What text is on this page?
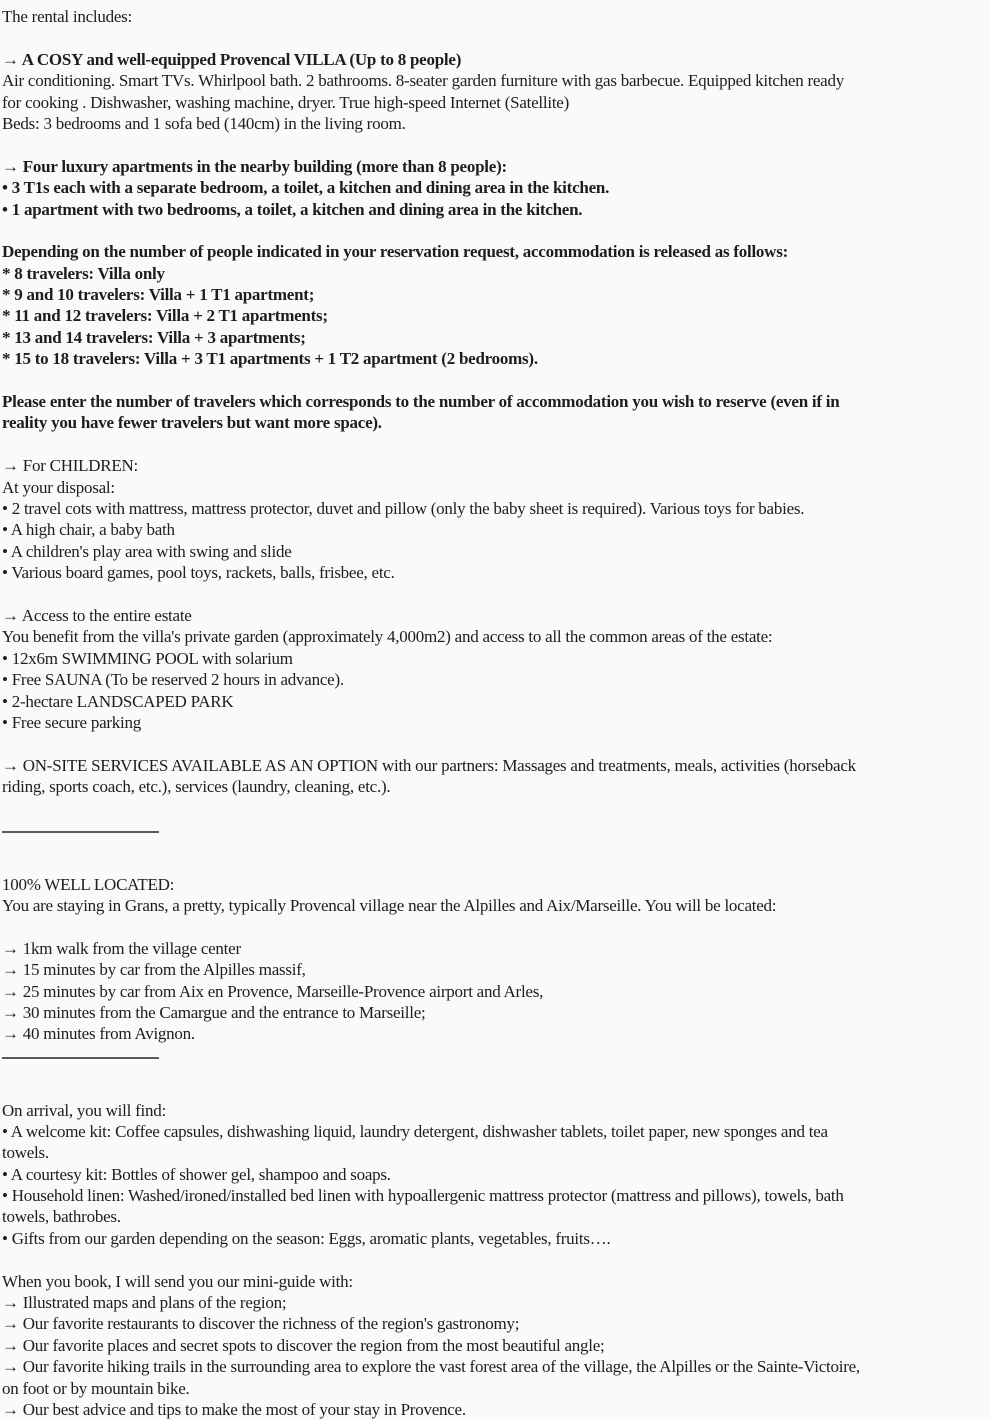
The rental includes:
→ A COSY and well-equipped Provencal VILLA (Up to 8 people)
Air conditioning. Smart TVs. Whirlpool bath. 2 bathrooms. 8-seater garden furniture with gas barbecue. Equipped kitchen ready
for cooking . Dishwasher, washing machine, dryer. True high-speed Internet (Satellite)
Beds: 3 bedrooms and 1 sofa bed (140cm) in the living room.
→ Four luxury apartments in the nearby building (more than 8 people):
• 3 T1s each with a separate bedroom, a toilet, a kitchen and dining area in the kitchen.
• 1 apartment with two bedrooms, a toilet, a kitchen and dining area in the kitchen.
Depending on the number of people indicated in your reservation request, accommodation is released as follows:
* 8 travelers: Villa only
* 9 and 10 travelers: Villa + 1 T1 apartment;
* 11 and 12 travelers: Villa + 2 T1 apartments;
* 13 and 14 travelers: Villa + 3 apartments;
* 15 to 18 travelers: Villa + 3 T1 apartments + 1 T2 apartment (2 bedrooms).
Please enter the number of travelers which corresponds to the number of accommodation you wish to reserve (even if in
reality you have fewer travelers but want more space).
→ For CHILDREN:
At your disposal:
• 2 travel cots with mattress, mattress protector, duvet and pillow (only the baby sheet is required). Various toys for babies.
• A high chair, a baby bath
• A children's play area with swing and slide
• Various board games, pool toys, rackets, balls, frisbee, etc.
→ Access to the entire estate
You benefit from the villa's private garden (approximately 4,000m2) and access to all the common areas of the estate:
• 12x6m SWIMMING POOL with solarium
• Free SAUNA (To be reserved 2 hours in advance).
• 2-hectare LANDSCAPED PARK
• Free secure parking
→ ON-SITE SERVICES AVAILABLE AS AN OPTION with our partners: Massages and treatments, meals, activities (horseback
riding, sports coach, etc.), services (laundry, cleaning, etc.).
100% WELL LOCATED:
You are staying in Grans, a pretty, typically Provencal village near the Alpilles and Aix/Marseille. You will be located:
→ 1km walk from the village center
→ 15 minutes by car from the Alpilles massif,
→ 25 minutes by car from Aix en Provence, Marseille-Provence airport and Arles,
→ 30 minutes from the Camargue and the entrance to Marseille;
→ 40 minutes from Avignon.
On arrival, you will find:
• A welcome kit: Coffee capsules, dishwashing liquid, laundry detergent, dishwasher tablets, toilet paper, new sponges and tea
towels.
• A courtesy kit: Bottles of shower gel, shampoo and soaps.
• Household linen: Washed/ironed/installed bed linen with hypoallergenic mattress protector (mattress and pillows), towels, bath
towels, bathrobes.
• Gifts from our garden depending on the season: Eggs, aromatic plants, vegetables, fruits….
When you book, I will send you our mini-guide with:
→ Illustrated maps and plans of the region;
→ Our favorite restaurants to discover the richness of the region's gastronomy;
→ Our favorite places and secret spots to discover the region from the most beautiful angle;
→ Our favorite hiking trails in the surrounding area to explore the vast forest area of the village, the Alpilles or the Sainte-Victoire,
on foot or by mountain bike.
→ Our best advice and tips to make the most of your stay in Provence.
